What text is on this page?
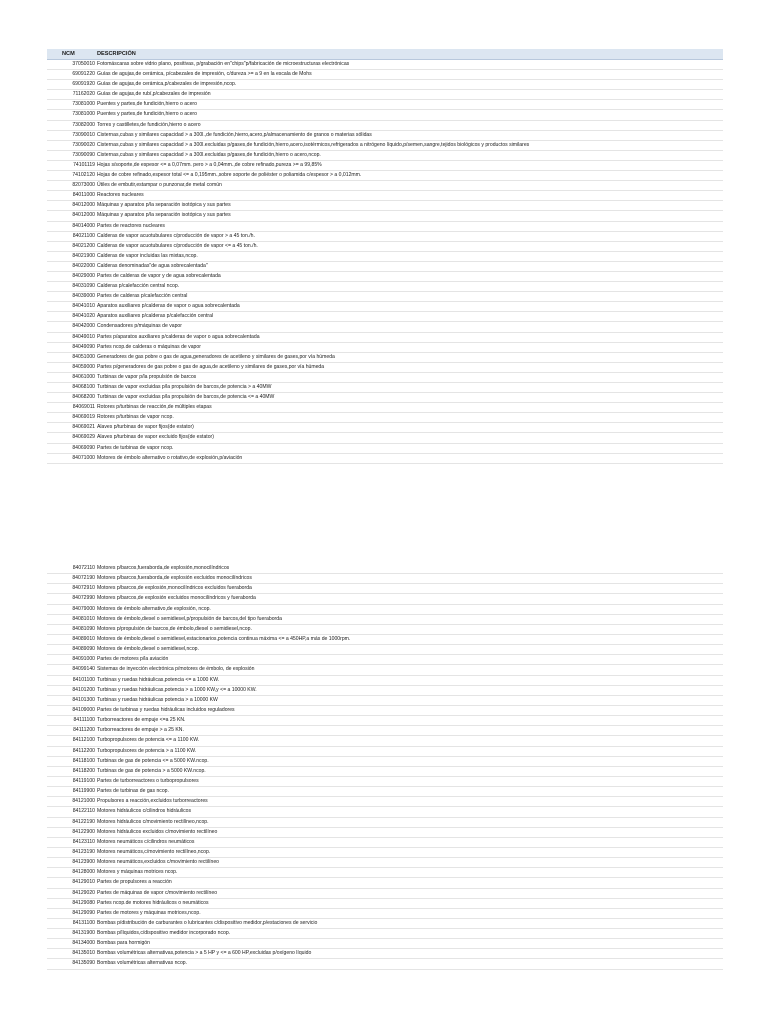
NCM	DESCRIPCIÓN
37050010 Fotomáscaras sobre vidrio plano, positivas, p/grabación en"chips"p/fabricación de microestructuras electrónicas
69091220 Guías de agujas,de cerámica, p/cabezales de impresión, c/dureza >= a 9 en la escala de Mohs
69091920 Guías de agujas,de cerámica,p/cabezales de impresión,ncop.
71162020 Guías de agujas,de rubí,p/cabezales de impresión
73081000 Puentes y partes,de fundición,hierro o acero
73081000 Puentes y partes,de fundición,hierro o acero
73082000 Torres y castilletes,de fundición,hierro o acero
73090010 Cisternas,cubas y similares capacidad > a 300l.,de fundición,hierro,acero,p/almacenamiento de granos o materias sólidas
73090020 Cisternas,cubas y similares capacidad > a 300l.excluidas p/gases,de fundición,hierro,acero,isotérmicos,refrigerados a nitrógeno líquido,p/semen,sangre,tejidos biológicos y productos similares
73090090 Cisternas,cubas y similares capacidad > a 300l.excluidas p/gases,de fundición,hierro o acero,ncop.
74101119 Hojas s/soporte,de espesor <= a 0,07mm. pero > a 0,04mm.,de cobre refinado,pureza >= a 99,85%
74102120 Hojas de cobre refinado,espesor total <= a 0,195mm.,sobre soporte de poliéster o poliamida c/espesor > a 0,012mm.
82073000 Útiles de embutir,estampar o punzonar,de metal común
84011000 Reactores nucleares
84012000 Máquinas y aparatos p/la separación isotópica y sus partes
84012000 Máquinas y aparatos p/la separación isotópica y sus partes
84014000 Partes de reactores nucleares
84021100 Calderas de vapor acuotubulares c/producción de vapor > a 45 ton./h.
84021200 Calderas de vapor acuotubulares c/producción de vapor <= a 45 ton./h.
84021900 Calderas de vapor incluidas las mixtas,ncop.
84022000 Calderas denominadas"de agua sobrecalentada"
84029000 Partes de calderas de vapor y de agua sobrecalentada
84031090 Calderas p/calefacción central ncop.
84039000 Partes de calderas p/calefacción central
84041010 Aparatos auxiliares p/calderas de vapor o agua sobrecalentada
84041020 Aparatos auxiliares p/calderas p/calefacción central
84042000 Condensadores p/máquinas de vapor
84049010 Partes p/aparatos auxiliares p/calderas de vapor o agua sobrecalentada
84049090 Partes ncop.de calderas o máquinas de vapor
84051000 Generadores de gas pobre o gas de agua,generadores de acetileno y similares de gases,por vía húmeda
84059000 Partes p/generadores de gas pobre o gas de agua,de acetileno y similares de gases,por vía húmeda
84061000 Turbinas de vapor p/la propulsión de barcos
84068100 Turbinas de vapor excluidas p/la propulsión de barcos,de potencia > a 40MW
84068200 Turbinas de vapor excluidas p/la propulsión de barcos,de potencia <= a 40MW
84069011 Rotores p/turbinas de reacción,de múltiples etapas
84069019 Rotores p/turbinas de vapor ncop.
84069021 Alaves p/turbinas de vapor fijos(de estator)
84069029 Alaves p/turbinas de vapor excluido fijos(de estator)
84069090 Partes de turbinas de vapor ncop.
84071000 Motores de émbolo alternativo o rotativo,de explosión,p/aviación
84072110 Motores p/barcos,fueraborda,de explosión,monocilíndricos
84072190 Motores p/barcos,fueraborda,de explosión excluidos monocilíndricos
84072910 Motores p/barcos,de explosión,monocilíndricos excluidos fueraborda
84072990 Motores p/barcos,de explosión excluidos monocilíndricos y fueraborda
84079000 Motores de émbolo alternativo,de explosión, ncop.
84081010 Motores de émbolo,diesel o semidiesel,p/propulsión de barcos,del tipo fueraborda
84081090 Motores p/propulsión de barcos,de émbolo,diesel o semidiesel,ncop.
84089010 Motores de émbolo,diesel o semidiesel,estacionarios,potencia continua máxima <= a 450HP,a más de 1000rpm.
84089090 Motores de émbolo,diesel o semidiesel,ncop.
84091000 Partes de motores p/la aviación
84099140 Sistemas de inyección electrónica p/motores de émbolo, de explosión
84101100 Turbinas y ruedas hidráulicas,potencia <= a 1000 KW.
84101200 Turbinas y ruedas hidráulicas,potencia > a 1000 KW,y <= a 10000 KW.
84101300 Turbinas y ruedas hidráulicas potencia > a 10000 KW
84109000 Partes de turbinas y ruedas hidráulicas incluidos reguladores
84111100 Turborreactores de empuje <=a 25 KN.
84111200 Turborreactores de empuje > a 25 KN.
84112100 Turbopropulsores de potencia <= a 1100 KW.
84112200 Turbopropulsores de potencia > a 1100 KW.
84118100 Turbinas de gas de potencia <= a 5000 KW.ncop.
84118200 Turbinas de gas de potencia > a 5000 KW.ncop.
84119100 Partes de turborreactores o turbopropulsores
84119900 Partes de turbinas de gas ncop.
84121000 Propulsores a reacción,excluidos turborreactores
84122110 Motores hidráulicos c/cilindros hidráulicos
84122190 Motores hidráulicos c/movimiento rectilíneo,ncop.
84122900 Motores hidráulicos excluidos c/movimiento rectilíneo
84123110 Motores neumáticos c/cilindros neumáticos
84123190 Motores neumáticos,c/movimiento rectilíneo,ncop.
84123900 Motores neumáticos,excluidos c/movimiento rectilíneo
84128000 Motores y máquinas motrices ncop.
84129010 Partes de propulsores a reacción
84129020 Partes de máquinas de vapor c/movimiento rectilíneo
84129080 Partes ncop.de motores hidráulicos o neumáticos
84129090 Partes de motores y máquinas motrices,ncop.
84131100 Bombas p/distribución de carburantes o lubricantes c/dispositivo medidor,p/estaciones de servicio
84131900 Bombas p/líquidos,c/dispositivo medidor incorporado ncop.
84134000 Bombas para hormigón
84135010 Bombas volumétricas alternativas,potencia > a 5 HP y <= a 600 HP,excluidas p/oxígeno líquido
84135090 Bombas volumétricas alternativas ncop.
